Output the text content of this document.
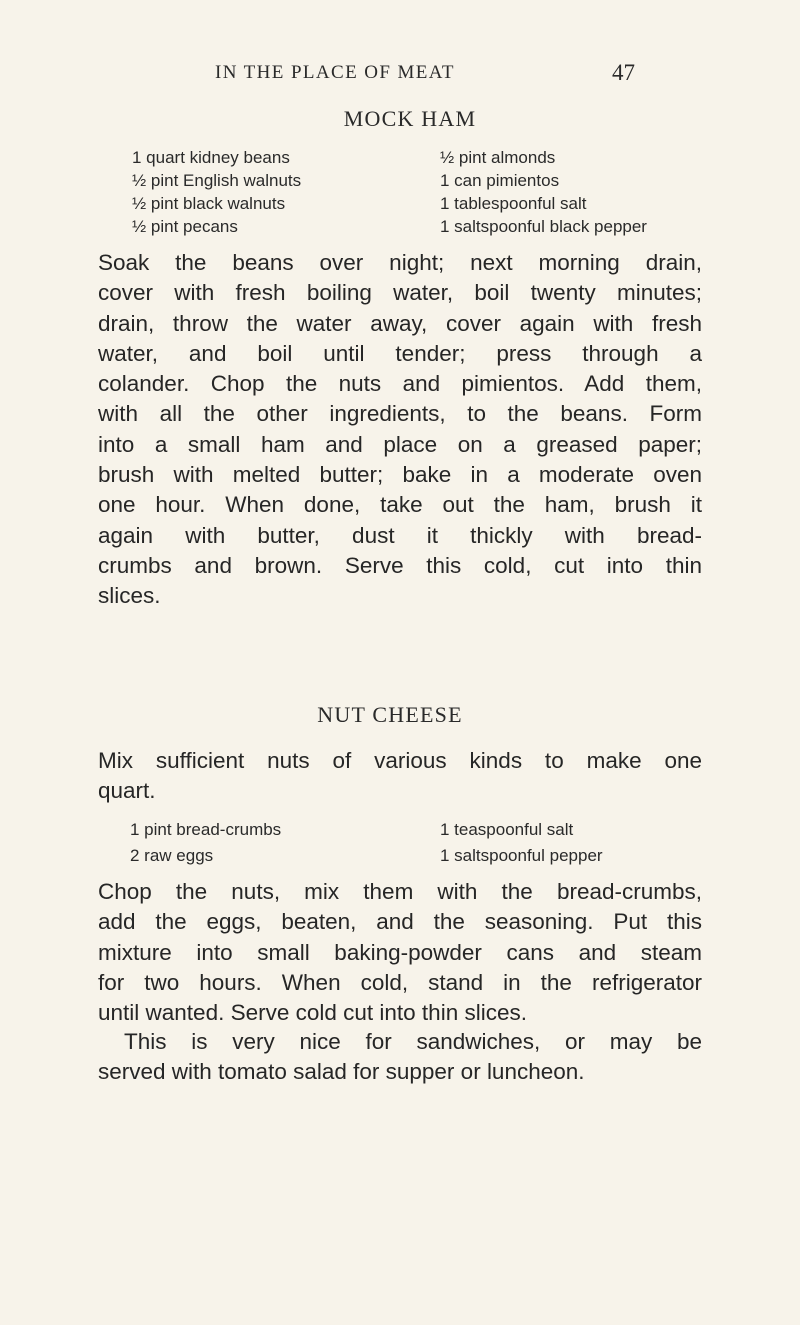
IN THE PLACE OF MEAT	47
MOCK HAM
1 quart kidney beans
½ pint English walnuts
½ pint black walnuts
½ pint pecans
½ pint almonds
1 can pimientos
1 tablespoonful salt
1 saltspoonful black pepper
Soak the beans over night; next morning drain,
cover with fresh boiling water, boil twenty minutes;
drain, throw the water away, cover again with fresh
water, and boil until tender; press through a
colander. Chop the nuts and pimientos. Add them,
with all the other ingredients, to the beans. Form
into a small ham and place on a greased paper;
brush with melted butter; bake in a moderate oven
one hour. When done, take out the ham, brush it
again with butter, dust it thickly with bread-
crumbs and brown. Serve this cold, cut into thin
slices.
NUT CHEESE
Mix sufficient nuts of various kinds to make one
quart.
1 pint bread-crumbs
2 raw eggs
1 teaspoonful salt
1 saltspoonful pepper
Chop the nuts, mix them with the bread-crumbs,
add the eggs, beaten, and the seasoning. Put this
mixture into small baking-powder cans and steam
for two hours. When cold, stand in the refrigerator
until wanted. Serve cold cut into thin slices.
This is very nice for sandwiches, or may be
served with tomato salad for supper or luncheon.
